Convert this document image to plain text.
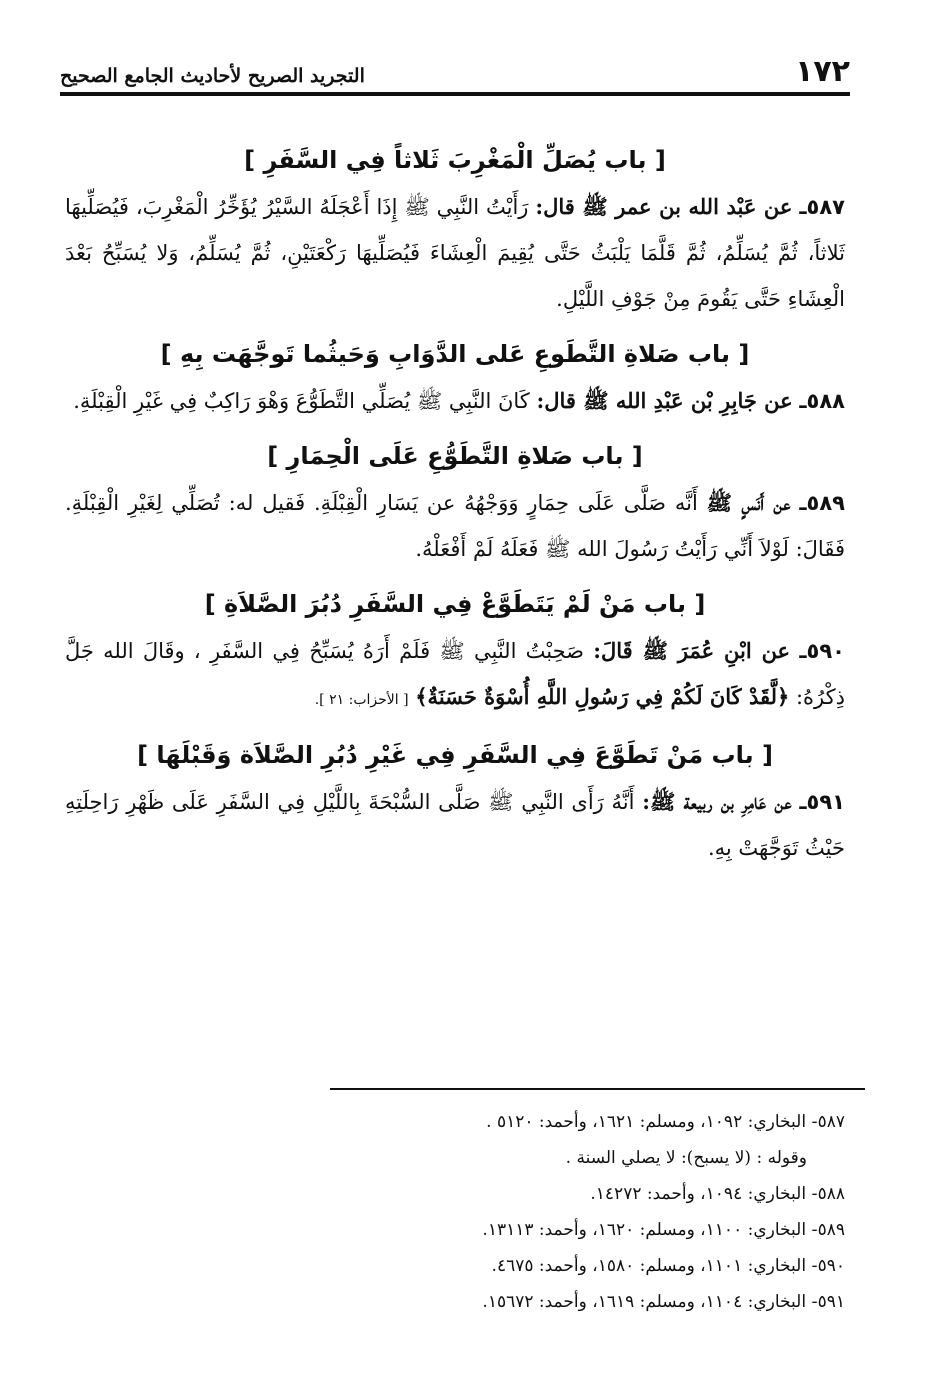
١٧٢
التجريد الصريح لأحاديث الجامع الصحيح
[ باب يُصَلِّ الْمَغْرِبَ ثَلاثاً فِي السَّفَرِ ]

٥٨٧ـ عن عَبْد الله بن عمر ﷺ قال: رَأَيْتُ النَّبِي ﷺ إِذَا أَعْجَلَهُ السَّيْرُ يُؤَخِّرُ الْمَغْرِبَ، فَيُصَلِّيهَا ثَلاثاً، ثُمَّ يُسَلِّمُ، ثُمَّ قَلَّمَا يَلْبَثُ حَتَّى يُقِيمَ الْعِشَاءَ فَيُصَلِّيهَا رَكْعَتَيْنِ، ثُمَّ يُسَلِّمُ، وَلا يُسَبِّحُ بَعْدَ الْعِشَاءِ حَتَّى يَقُومَ مِنْ جَوْفِ اللَّيْلِ.

[ باب صَلاةِ التَّطَوعِ عَلى الدَّوَابِ وَحَيثُما تَوجَّهَت بِهِ ]

٥٨٨ـ عن جَابِرِ بْن عَبْدِ الله ﷺ قال: كَانَ النَّبِي ﷺ يُصَلِّي التَّطَوُّعَ وَهْوَ رَاكِبٌ فِي غَيْرِ الْقِبْلَةِ.

[ باب صَلاةِ التَّطَوُّعِ عَلَى الْحِمَارِ ]

٥٨٩ـ عن أَنَسٍ ﷺ أَنَّه صَلَّى عَلَى حِمَارٍ وَوَجْهُهُ عن يَسَارِ الْقِبْلَةِ. فَقيل له: تُصَلِّي لِغَيْرِ الْقِبْلَةِ. فَقَالَ: لَوْلاَ أَنِّي رَأَيْتُ رَسُولَ الله ﷺ فَعَلَهُ لَمْ أَفْعَلْهُ.

[ باب مَنْ لَمْ يَتَطَوَّعْ فِي السَّفَرِ دُبُرَ الصَّلاَةِ ]

٥٩٠ـ عن ابْنِ عُمَرَ ﷺ قَالَ: صَحِبْتُ النَّبِي ﷺ فَلَمْ أَرَهُ يُسَبِّحُ فِي السَّفَرِ ، وقَالَ الله جَلَّ ذِكْرُهُ: ﴿لَّقَدْ كَانَ لَكُمْ فِي رَسُولِ اللَّهِ أُسْوَةٌ حَسَنَةٌ﴾ [ الأحزاب: ٢١ ].

[ باب مَنْ تَطَوَّعَ فِي السَّفَرِ فِي غَيْرِ دُبُرِ الصَّلاَة وَقَبْلَهَا ]

٥٩١ـ عن عَامِرِ بن ربيعة ﷺ: أَنَّهُ رَأَى النَّبِي ﷺ صَلَّى السُّبْحَةَ بِاللَّيْلِ فِي السَّفَرِ عَلَى ظَهْرِ رَاحِلَتِهِ حَيْثُ تَوَجَّهَتْ بِهِ.

٥٨٧- البخاري: ١٠٩٢، ومسلم: ١٦٢١، وأحمد: ٥١٢٠ .

وقوله : (لا يسبح): لا يصلي السنة .

٥٨٨- البخاري: ١٠٩٤، وأحمد: ١٤٢٧٢.

٥٨٩- البخاري: ١١٠٠، ومسلم: ١٦٢٠، وأحمد: ١٣١١٣.

٥٩٠- البخاري: ١١٠١، ومسلم: ١٥٨٠، وأحمد: ٤٦٧٥.

٥٩١- البخاري: ١١٠٤، ومسلم: ١٦١٩، وأحمد: ١٥٦٧٢.
